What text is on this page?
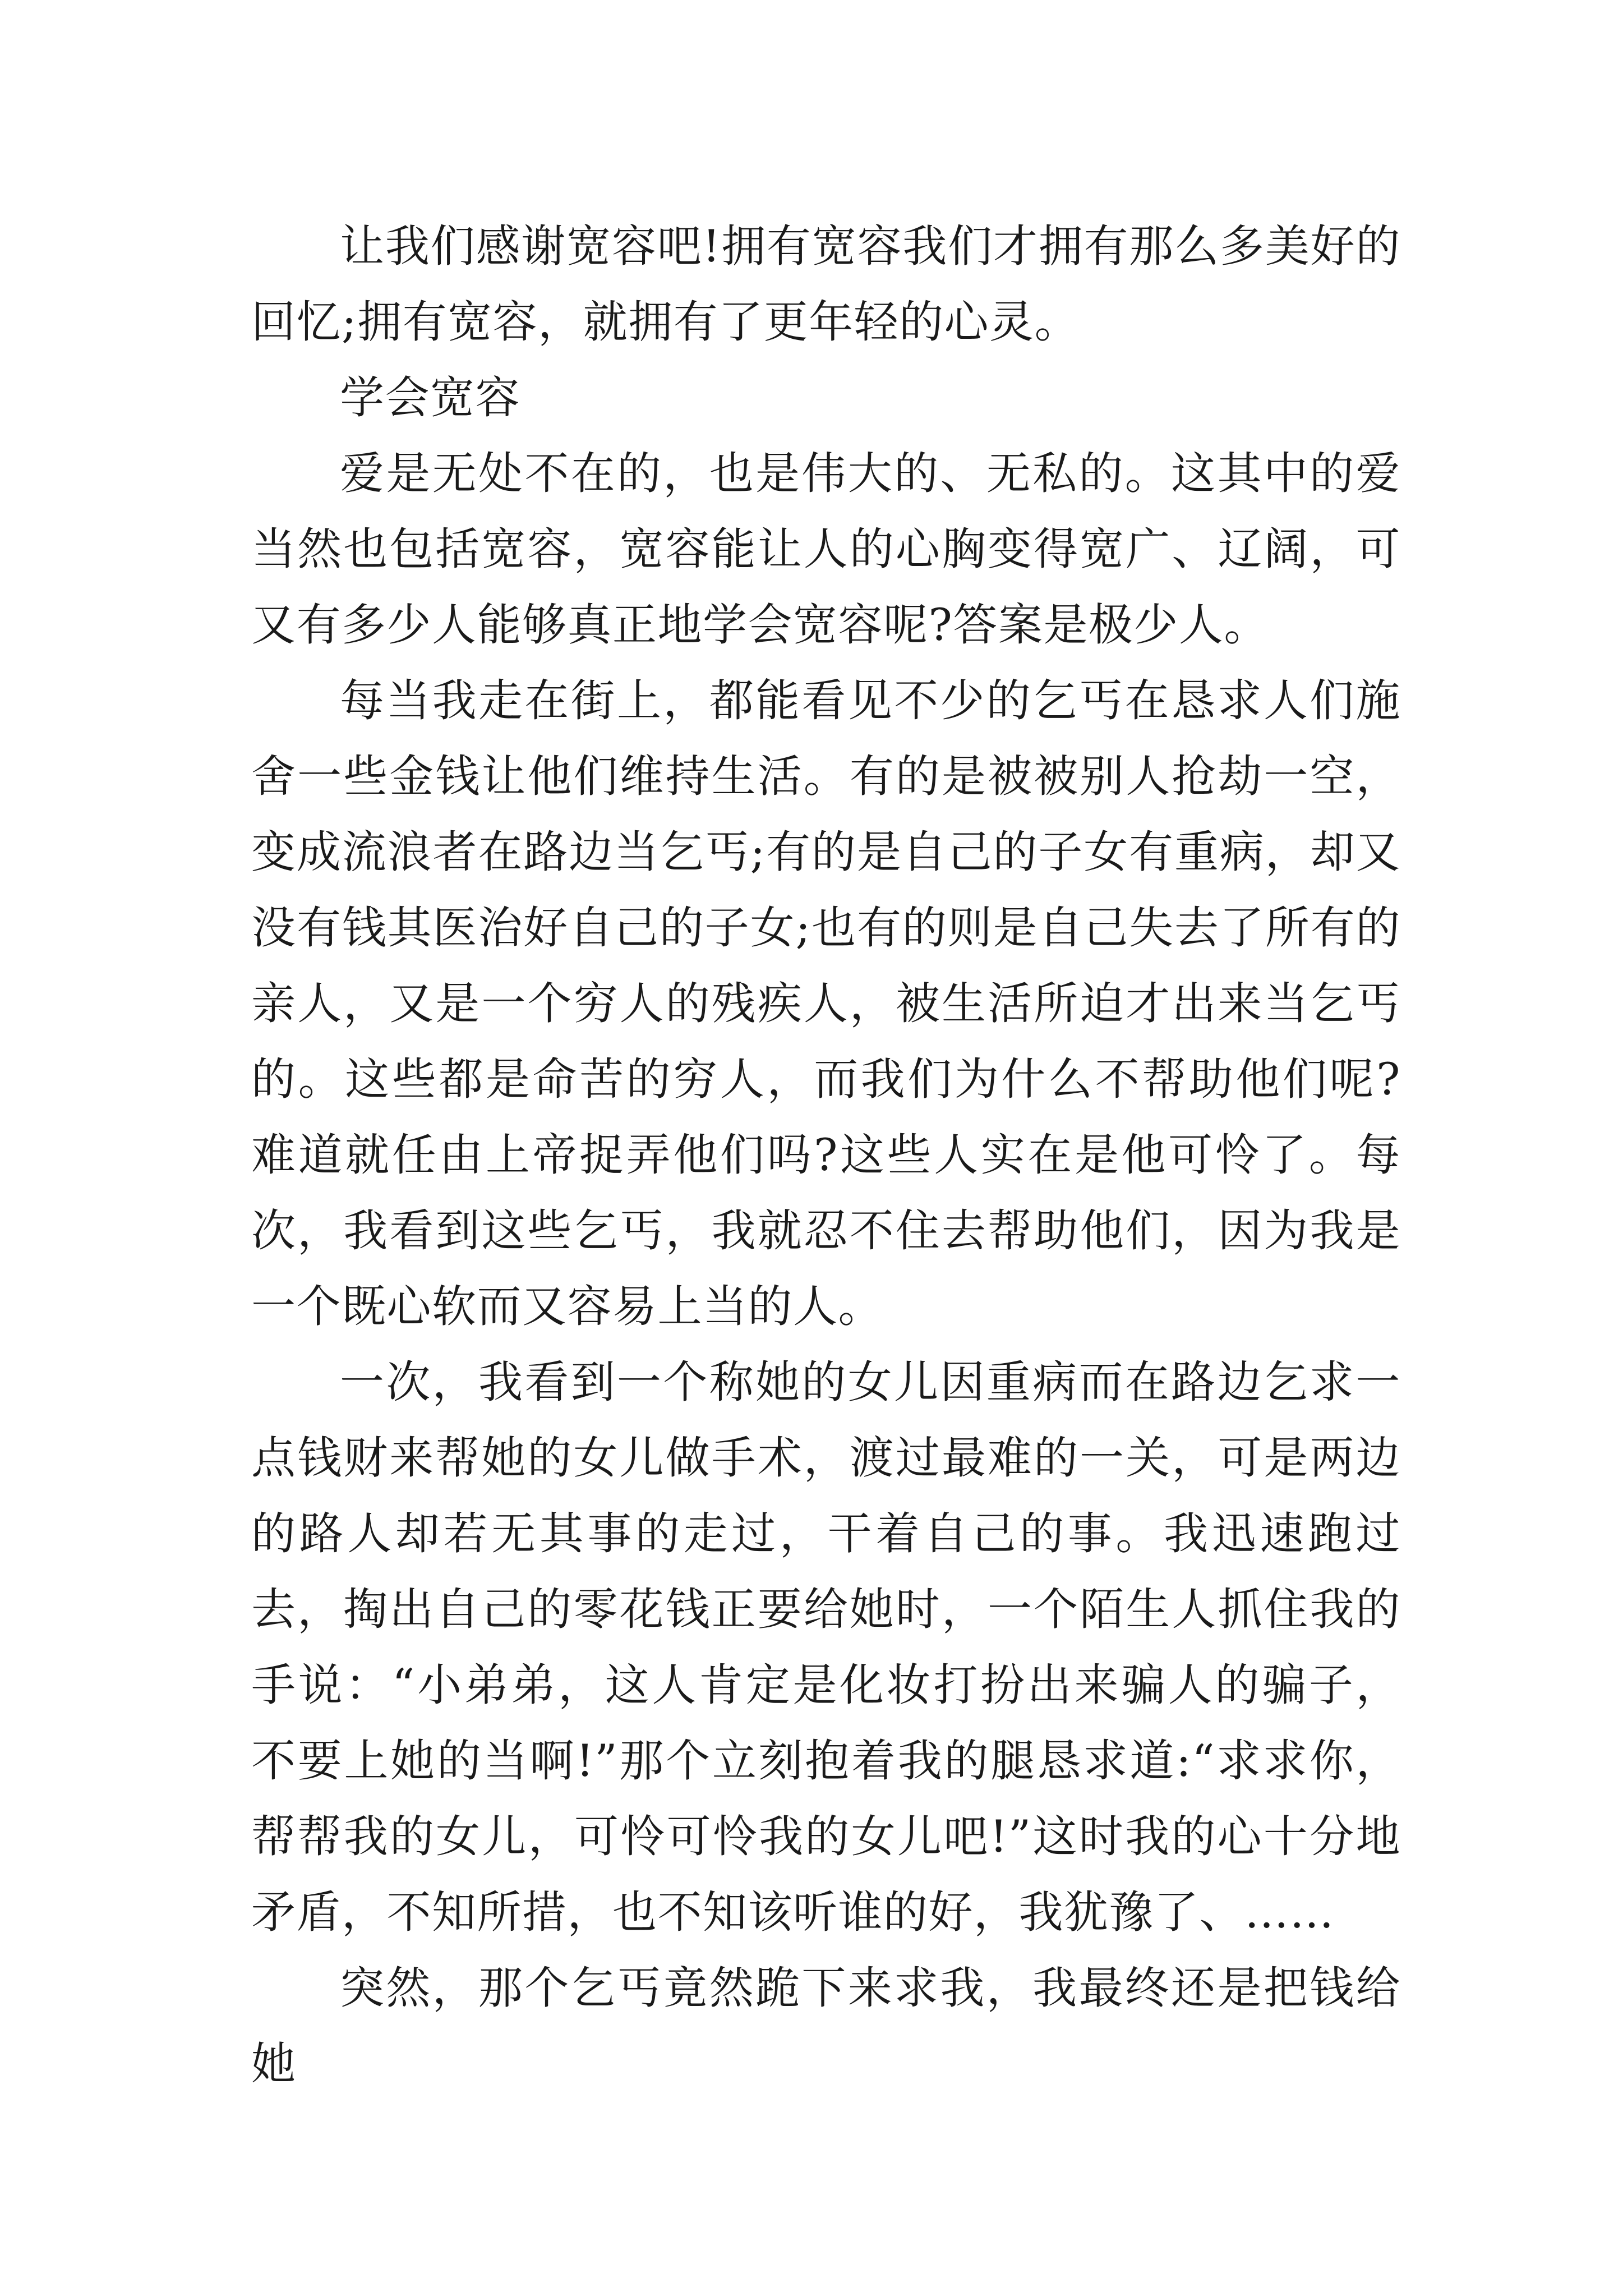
让我们感谢宽容吧!拥有宽容我们才拥有那么多美好的回忆;拥有宽容，就拥有了更年轻的心灵。

学会宽容

爱是无处不在的，也是伟大的、无私的。这其中的爱当然也包括宽容，宽容能让人的心胸变得宽广、辽阔，可又有多少人能够真正地学会宽容呢?答案是极少人。

每当我走在街上，都能看见不少的乞丐在恳求人们施舍一些金钱让他们维持生活。有的是被被别人抢劫一空，变成流浪者在路边当乞丐;有的是自己的子女有重病，却又没有钱其医治好自己的子女;也有的则是自己失去了所有的亲人，又是一个穷人的残疾人，被生活所迫才出来当乞丐的。这些都是命苦的穷人，而我们为什么不帮助他们呢?难道就任由上帝捉弄他们吗?这些人实在是他可怜了。每次，我看到这些乞丐，我就忍不住去帮助他们，因为我是一个既心软而又容易上当的人。

一次，我看到一个称她的女儿因重病而在路边乞求一点钱财来帮她的女儿做手术，渡过最难的一关，可是两边的路人却若无其事的走过，干着自己的事。我迅速跑过去，掏出自己的零花钱正要给她时，一个陌生人抓住我的手说：“小弟弟，这人肯定是化妆打扮出来骗人的骗子，不要上她的当啊!”那个立刻抱着我的腿恳求道:“求求你，帮帮我的女儿，可怜可怜我的女儿吧!”这时我的心十分地矛盾，不知所措，也不知该听谁的好，我犹豫了、……

突然，那个乞丐竟然跪下来求我，我最终还是把钱给她
